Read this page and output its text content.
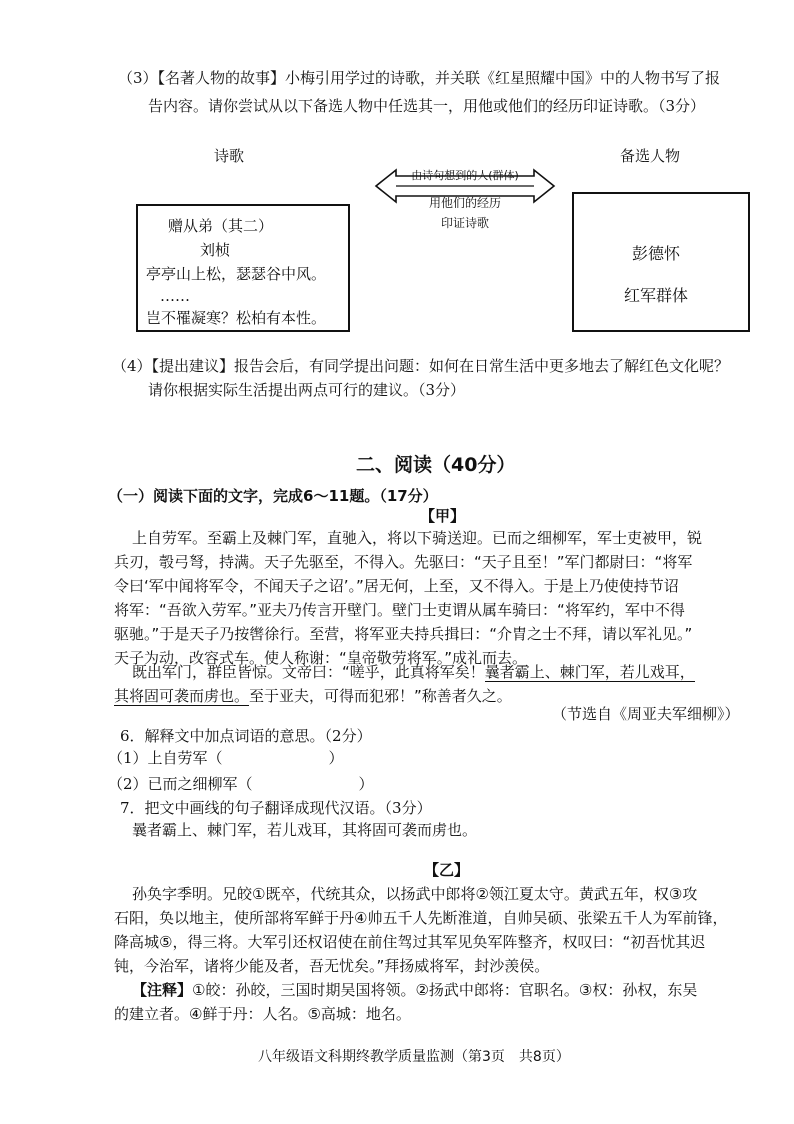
（3）【名著人物的故事】小梅引用学过的诗歌，并关联《红星照耀中国》中的人物书写了报
告内容。请你尝试从以下备选人物中任选其一，用他或他们的经历印证诗歌。（3分）
诗歌	备选人物
由诗句想到的人(群体)
用他们的经历
印证诗歌
赠从弟（其二）
刘桢
亭亭山上松，瑟瑟谷中风。
……
岂不罹凝寒？松柏有本性。
彭德怀
红军群体
（4）【提出建议】报告会后，有同学提出问题：如何在日常生活中更多地去了解红色文化呢？
请你根据实际生活提出两点可行的建议。（3分）
二、阅读（40分）
（一）阅读下面的文字，完成6～11题。（17分）
【甲】
上自劳军。至霸上及棘门军，直驰入，将以下骑送迎。已而之细柳军，军士吏被甲，锐
兵刃，彀弓弩，持满。天子先驱至，不得入。先驱曰：“天子且至！”军门都尉曰：“将军
令曰‘军中闻将军令，不闻天子之诏’。”居无何，上至，又不得入。于是上乃使使持节诏
将军：“吾欲入劳军。”亚夫乃传言开壁门。壁门士吏谓从属车骑曰：“将军约，军中不得
驱驰。”于是天子乃按辔徐行。至营，将军亚夫持兵揖曰：“介胄之士不拜，请以军礼见。”
天子为动，改容式车。使人称谢：“皇帝敬劳将军。”成礼而去。
既出军门，群臣皆惊。文帝曰：“嗟乎，此真将军矣！曩者霸上、棘门军，若儿戏耳，
其将固可袭而虏也。至于亚夫，可得而犯邪！”称善者久之。
（节选自《周亚夫军细柳》）
6．解释文中加点词语的意思。（2分）
（1）上自劳军（	）
（2）已而之细柳军（	）
7．把文中画线的句子翻译成现代汉语。（3分）
曩者霸上、棘门军，若儿戏耳，其将固可袭而虏也。
【乙】
孙奂字季明。兄皎①既卒，代统其众，以扬武中郎将②领江夏太守。黄武五年，权③攻
石阳，奂以地主，使所部将军鲜于丹④帅五千人先断淮道，自帅吴硕、张梁五千人为军前锋，
降高城⑤，得三将。大军引还权诏使在前住驾过其军见奂军阵整齐，权叹曰：“初吾忧其迟
钝，今治军，诸将少能及者，吾无忧矣。”拜扬威将军，封沙羡侯。
【注释】①皎：孙皎，三国时期吴国将领。②扬武中郎将：官职名。③权：孙权，东吴
的建立者。④鲜于丹：人名。⑤高城：地名。
八年级语文科期终教学质量监测（第3页　共8页）
